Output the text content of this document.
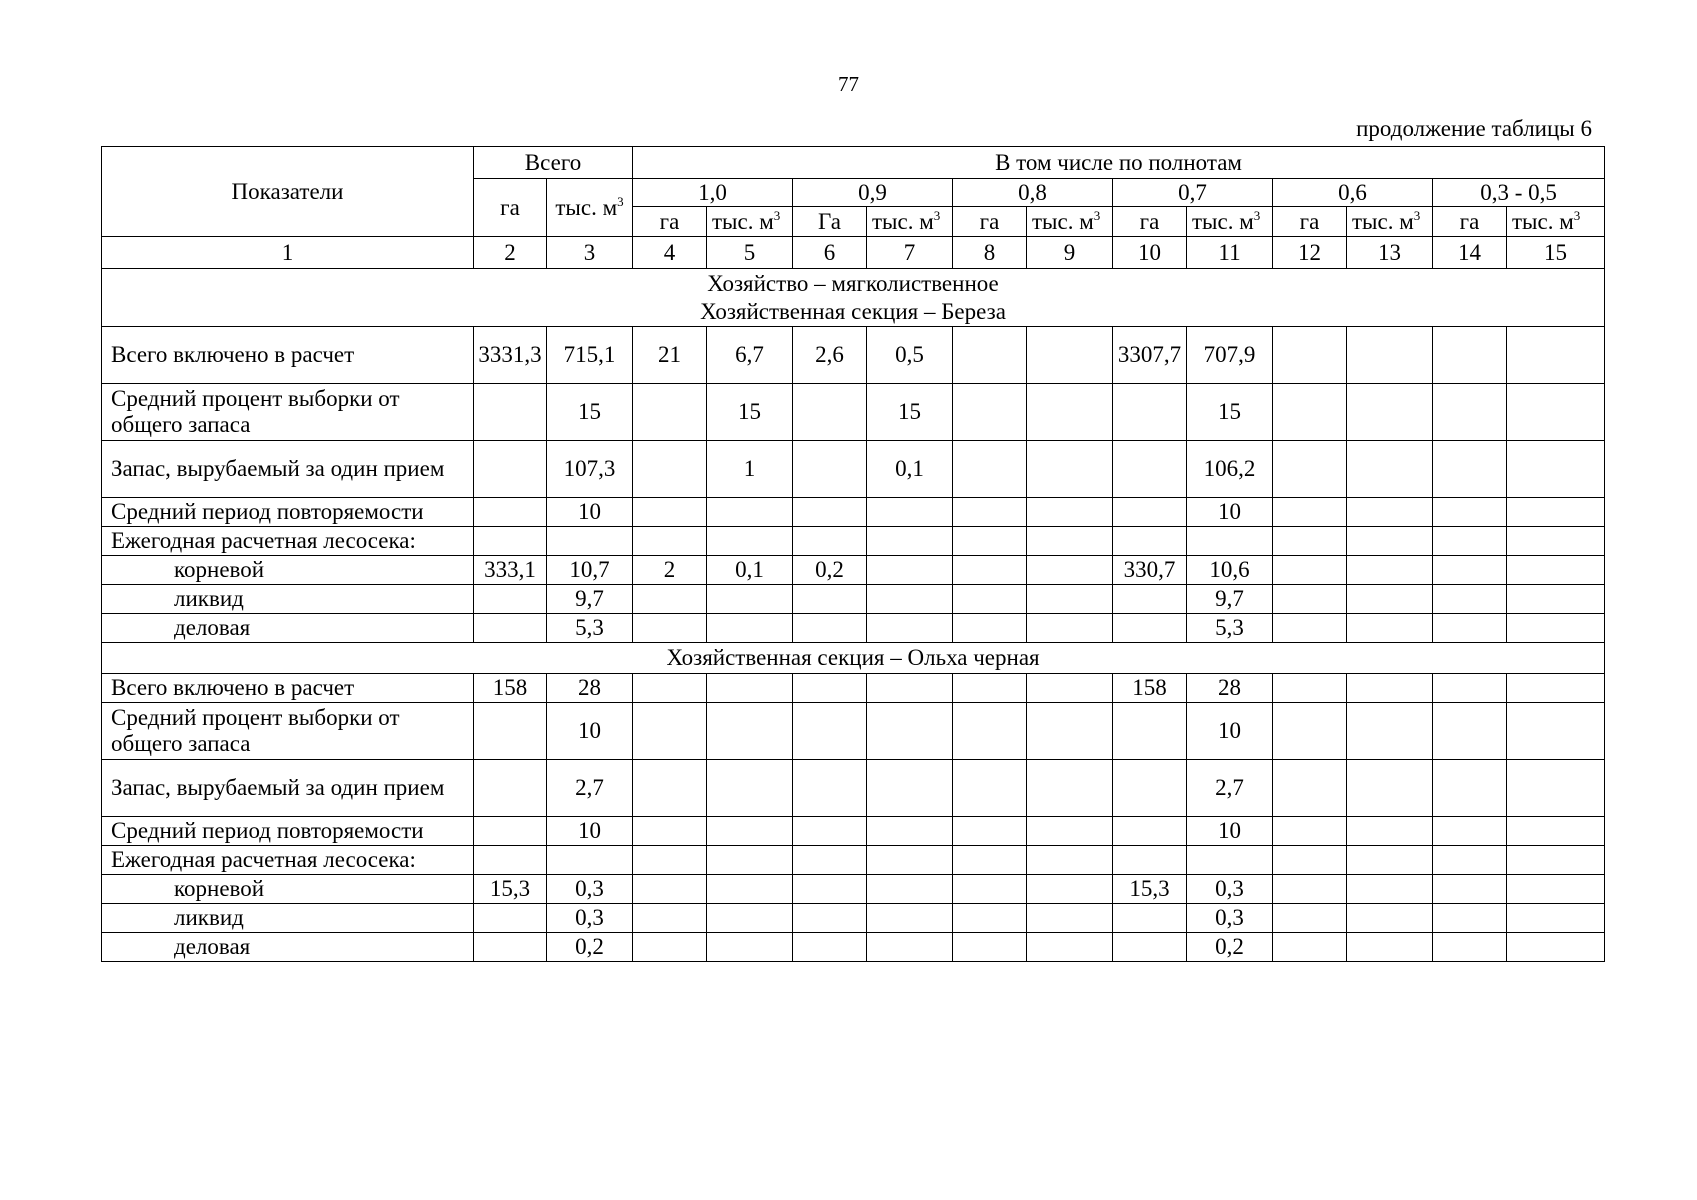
77
продолжение таблицы 6
Показатели	Всего		В том числе по полнотам											
	га	тыс. $м^3$	1,0		0,9		0,8		0,7		0,6		0,3 - 0,5	
			га	тыс. $м^3$	Га	тыс. $м^3$	га	тыс. $м^3$	га	тыс. $м^3$	га	тыс. $м^3$	га	тыс. $м^3$
1	2	3	4	5	6	7	8	9	10	11	12	13	14	15

Хозяйство – мягколиственное
Хозяйственная секция – Береза														

Всего включено в расчет	3331,3	715,1	21	6,7	2,6	0,5			3307,7	707,9				
Средний процент выборки от общего запаса		15		15		15				15				
Запас, вырубаемый за один прием		107,3		1		0,1				106,2				
Средний период повторяемости		10								10				
Ежегодная расчетная лесосека:														
корневой	333,1	10,7	2	0,1	0,2				330,7	10,6				
ликвид		9,7								9,7				
деловая		5,3								5,3				
Хозяйственная секция – Ольха черная														
Всего включено в расчет	158	28							158	28				
Средний процент выборки от общего запаса		10								10				
Запас, вырубаемый за один прием		2,7								2,7				
Средний период повторяемости		10								10				
Ежегодная расчетная лесосека:														
корневой	15,3	0,3							15,3	0,3				
ликвид		0,3								0,3				
деловая		0,2								0,2				
